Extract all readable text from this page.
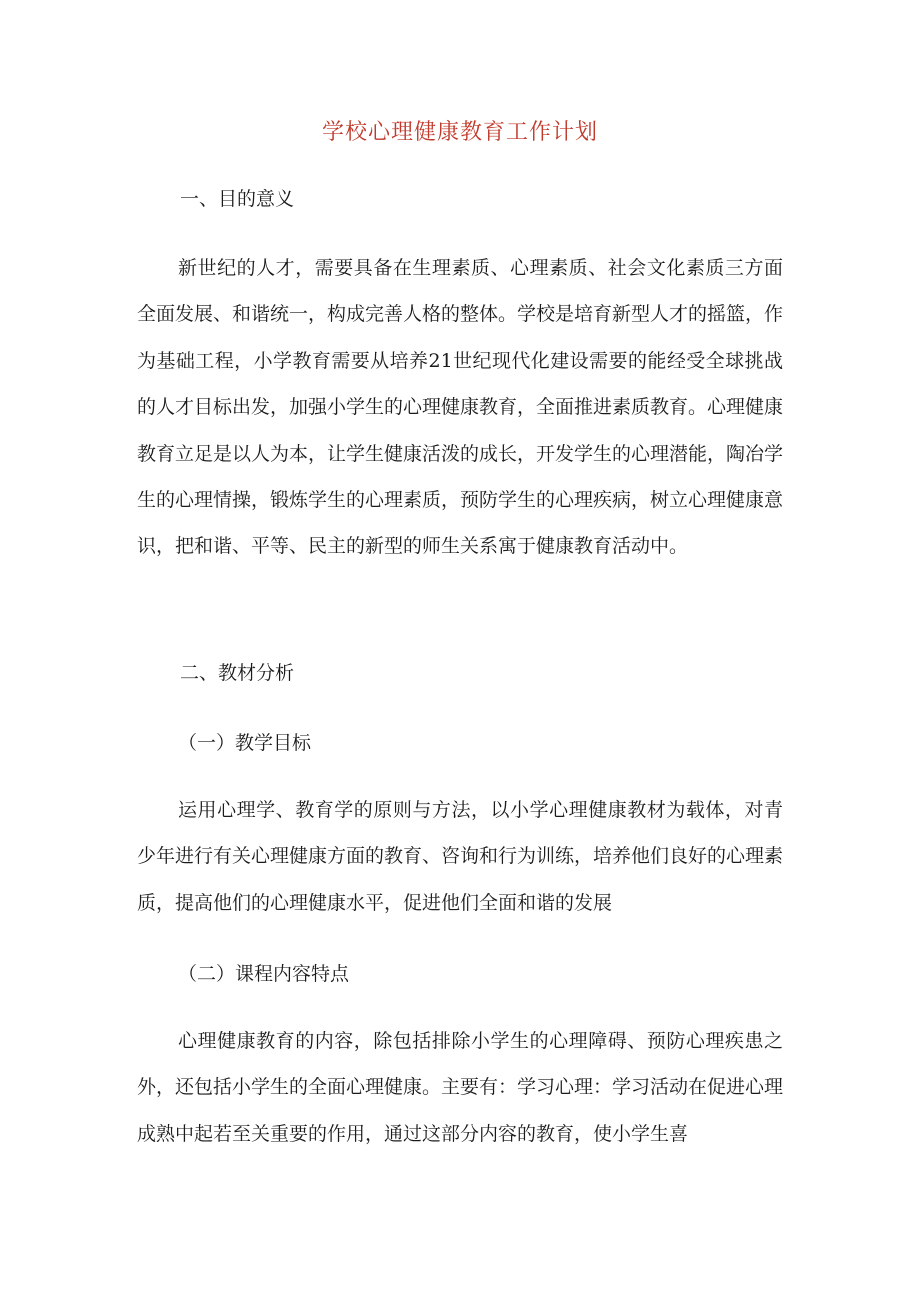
学校心理健康教育工作计划
一、目的意义
新世纪的人才，需要具备在生理素质、心理素质、社会文化素质三方面全面发展、和谐统一，构成完善人格的整体。学校是培育新型人才的摇篮，作为基础工程，小学教育需要从培养21世纪现代化建设需要的能经受全球挑战的人才目标出发，加强小学生的心理健康教育，全面推进素质教育。心理健康教育立足是以人为本，让学生健康活泼的成长，开发学生的心理潜能，陶冶学生的心理情操，锻炼学生的心理素质，预防学生的心理疾病，树立心理健康意识，把和谐、平等、民主的新型的师生关系寓于健康教育活动中。
二、教材分析
（一）教学目标
运用心理学、教育学的原则与方法，以小学心理健康教材为载体，对青少年进行有关心理健康方面的教育、咨询和行为训练，培养他们良好的心理素质，提高他们的心理健康水平，促进他们全面和谐的发展
（二）课程内容特点
心理健康教育的内容，除包括排除小学生的心理障碍、预防心理疾患之外，还包括小学生的全面心理健康。主要有：学习心理：学习活动在促进心理成熟中起若至关重要的作用，通过这部分内容的教育，使小学生喜
